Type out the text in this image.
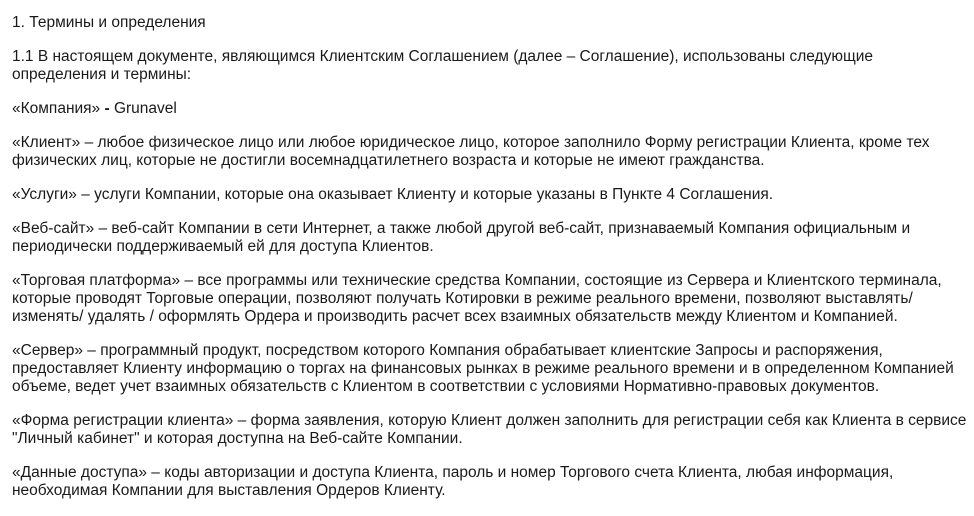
1. Термины и определения
1.1 В настоящем документе, являющимся Клиентским Соглашением (далее – Соглашение), использованы следующие определения и термины:
«Компания» - Grunavel
«Клиент» – любое физическое лицо или любое юридическое лицо, которое заполнило Форму регистрации Клиента, кроме тех физических лиц, которые не достигли восемнадцатилетнего возраста и которые не имеют гражданства.
«Услуги» – услуги Компании, которые она оказывает Клиенту и которые указаны в Пункте 4 Соглашения.
«Веб-сайт» – веб-сайт Компании в сети Интернет, а также любой другой веб-сайт, признаваемый Компания официальным и периодически поддерживаемый ей для доступа Клиентов.
«Торговая платформа» – все программы или технические средства Компании, состоящие из Сервера и Клиентского терминала, которые проводят Торговые операции, позволяют получать Котировки в режиме реального времени, позволяют выставлять/ изменять/ удалять / оформлять Ордера и производить расчет всех взаимных обязательств между Клиентом и Компанией.
«Сервер» – программный продукт, посредством которого Компания обрабатывает клиентские Запросы и распоряжения, предоставляет Клиенту информацию о торгах на финансовых рынках в режиме реального времени и в определенном Компанией объеме, ведет учет взаимных обязательств с Клиентом в соответствии с условиями Нормативно-правовых документов.
«Форма регистрации клиента» – форма заявления, которую Клиент должен заполнить для регистрации себя как Клиента в сервисе "Личный кабинет" и которая доступна на Веб-сайте Компании.
«Данные доступа» – коды авторизации и доступа Клиента, пароль и номер Торгового счета Клиента, любая информация, необходимая Компании для выставления Ордеров Клиенту.
